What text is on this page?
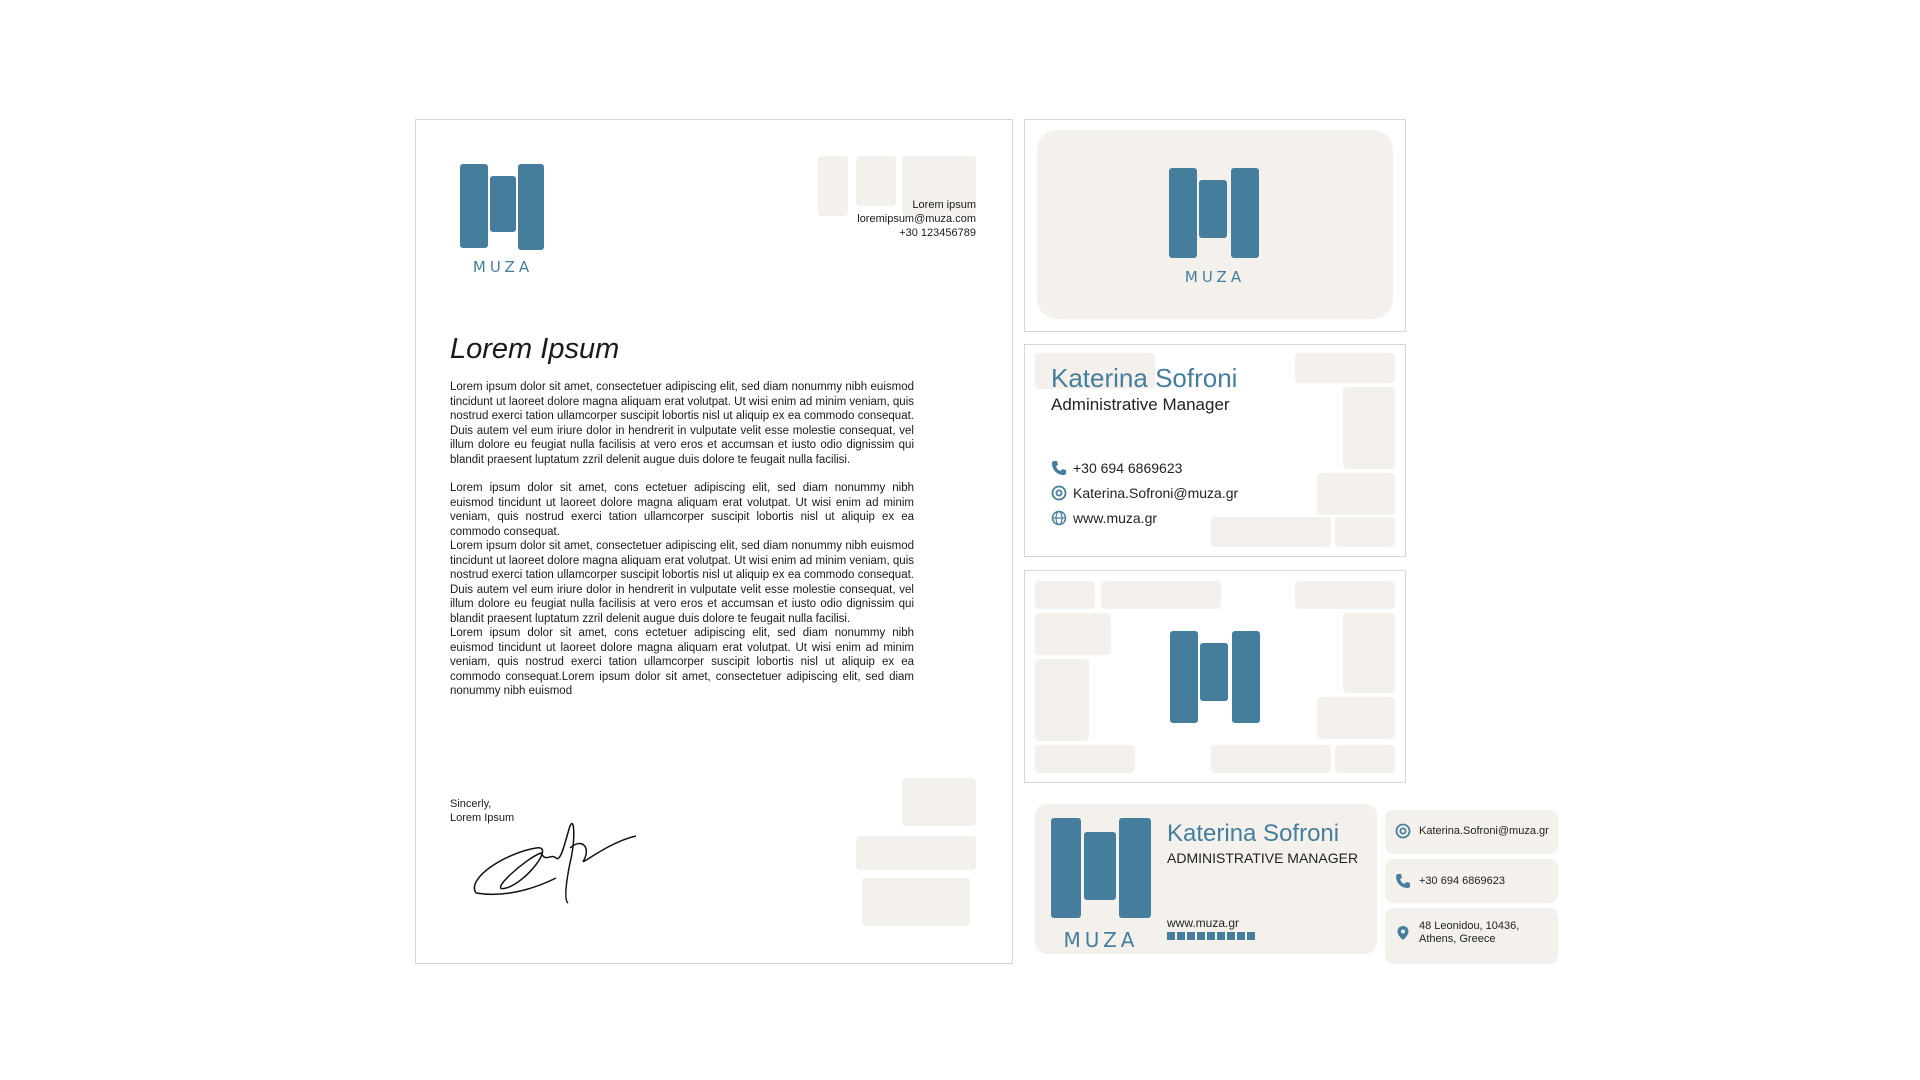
MUZA
Lorem ipsum
loremipsum@muza.com
+30 123456789
Lorem Ipsum

Lorem ipsum dolor sit amet, consectetuer adipiscing elit, sed diam nonummy nibh euismod tincidunt ut laoreet dolore magna aliquam erat volutpat. Ut wisi enim ad minim veniam, quis nostrud exerci tation ullamcorper suscipit lobortis nisl ut aliquip ex ea commodo consequat. Duis autem vel eum iriure dolor in hendrerit in vulputate velit esse molestie consequat, vel illum dolore eu feugiat nulla facilisis at vero eros et accumsan et iusto odio dignissim qui blandit praesent luptatum zzril delenit augue duis dolore te feugait nulla facilisi.

Lorem ipsum dolor sit amet, cons ectetuer adipiscing elit, sed diam nonummy nibh euismod tincidunt ut laoreet dolore magna aliquam erat volutpat. Ut wisi enim ad minim veniam, quis nostrud exerci tation ullamcorper suscipit lobortis nisl ut aliquip ex ea commodo consequat.

Lorem ipsum dolor sit amet, consectetuer adipiscing elit, sed diam nonummy nibh euismod tincidunt ut laoreet dolore magna aliquam erat volutpat. Ut wisi enim ad minim veniam, quis nostrud exerci tation ullamcorper suscipit lobortis nisl ut aliquip ex ea commodo consequat. Duis autem vel eum iriure dolor in hendrerit in vulputate velit esse molestie consequat, vel illum dolore eu feugiat nulla facilisis at vero eros et accumsan et iusto odio dignissim qui blandit praesent luptatum zzril delenit augue duis dolore te feugait nulla facilisi.

Lorem ipsum dolor sit amet, cons ectetuer adipiscing elit, sed diam nonummy nibh euismod tincidunt ut laoreet dolore magna aliquam erat volutpat. Ut wisi enim ad minim veniam, quis nostrud exerci tation ullamcorper suscipit lobortis nisl ut aliquip ex ea commodo consequat.Lorem ipsum dolor sit amet, consectetuer adipiscing elit, sed diam nonummy nibh euismod

Sincerly,
Lorem Ipsum
MUZA
Katerina Sofroni
Administrative Manager
+30 694 6869623
Katerina.Sofroni@muza.gr
www.muza.gr
MUZA
Katerina Sofroni
ADMINISTRATIVE MANAGER
www.muza.gr
Katerina.Sofroni@muza.gr
+30 694 6869623
48 Leonidou, 10436,
Athens, Greece
